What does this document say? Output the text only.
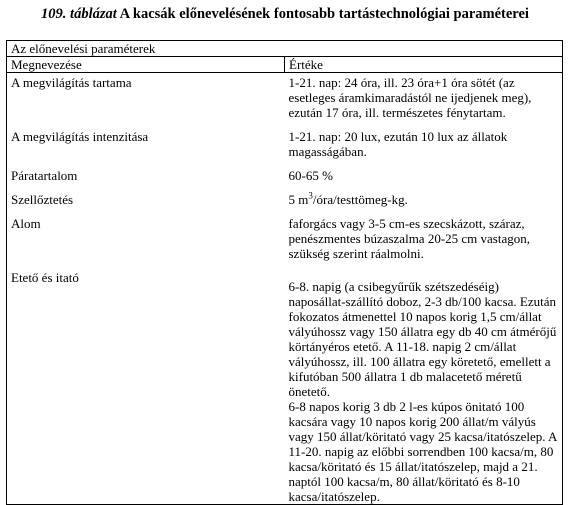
109. táblázat A kacsák előnevelésének fontosabb tartástechnológiai paraméterei
Az előnevelési paraméterek	
Megnevezése	Értéke
A megvilágítás tartama	1-21. nap: 24 óra, ill. 23 óra+1 óra sötét (az esetleges áramkimaradástól ne ijedjenek meg), ezután 17 óra, ill. természetes fénytartam.
A megvilágítás intenzitása	1-21. nap: 20 lux, ezután 10 lux az állatok magasságában.
Páratartalom	60-65 %
Szellőztetés	5 $m^3/óra/testtömeg-kg$.
Alom	faforgács vagy 3-5 cm-es szecskázott, száraz, penészmentes búzaszalma 20-25 cm vastagon, szükség szerint ráalmolni.
Etető és itató	6-8. napig (a csibegyűrűk szétszedéséig) naposállat-szállító doboz, 2-3 db/100 kacsa. Ezután fokozatos átmenettel 10 napos korig 1,5 cm/állat vályúhossz vagy 150 állatra egy db 40 cm átmérőjű körtányéros etető. A 11-18. napig 2 cm/állat vályúhossz, ill. 100 állatra egy köretető, emellett a kifutóban 500 állatra 1 db malacetető méretű önetető.
6-8 napos korig 3 db 2 l-es kúpos önitató 100 kacsára vagy 10 napos korig 200 állat/m vályús vagy 150 állat/köritató vagy 25 kacsa/itatószelep. A 11-20. napig az előbbi sorrendben 100 kacsa/m, 80 kacsa/köritató és 15 állat/itatószelep, majd a 21. naptól 100 kacsa/m, 80 állat/köritató és 8-10 kacsa/itatószelep.
